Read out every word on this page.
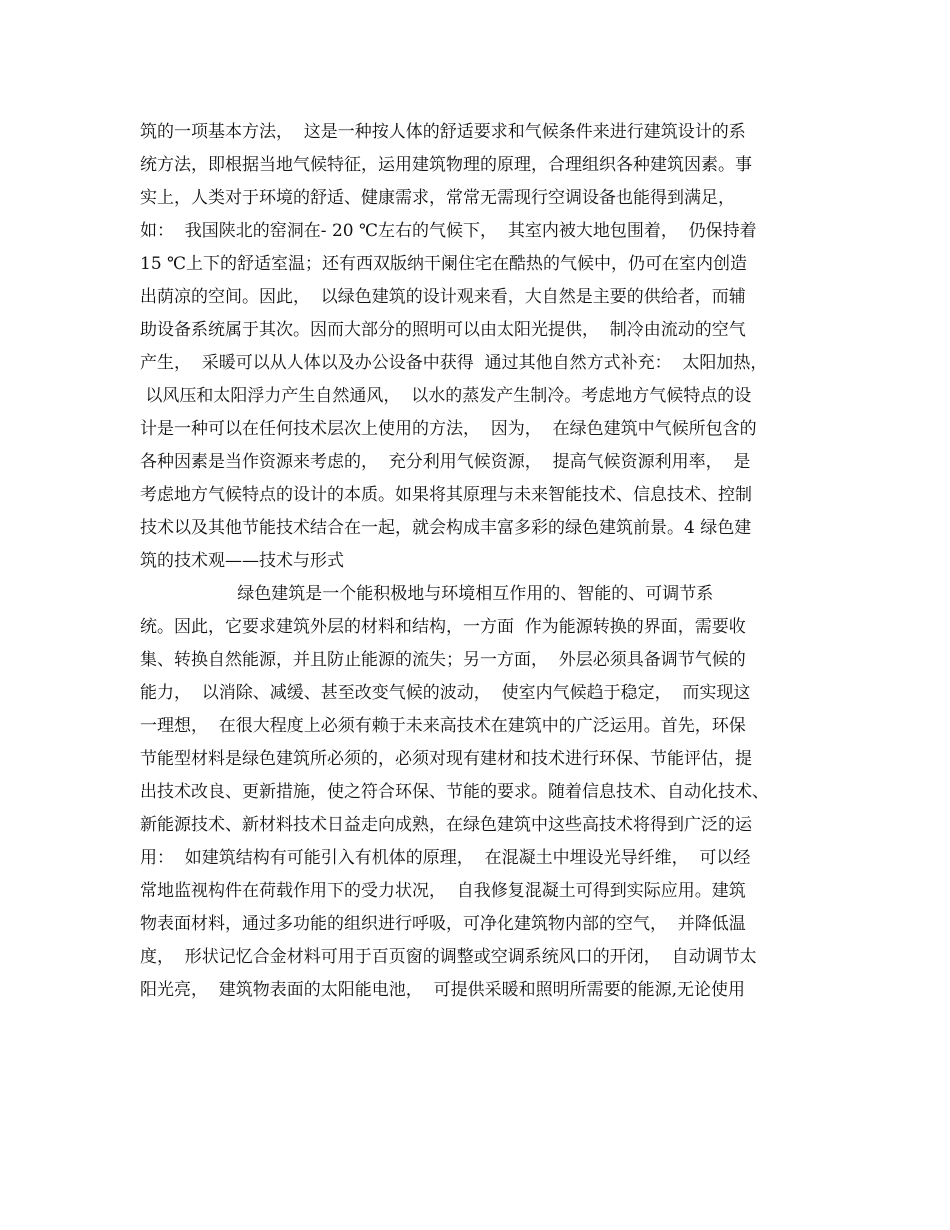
筑的一项基本方法，  这是一种按人体的舒适要求和气候条件来进行建筑设计的系
统方法，即根据当地气候特征，运用建筑物理的原理，合理组织各种建筑因素。事
实上，人类对于环境的舒适、健康需求，常常无需现行空调设备也能得到满足，
如：  我国陕北的窑洞在- 20 ℃左右的气候下，  其室内被大地包围着，  仍保持着
15 ℃上下的舒适室温；还有西双版纳干阑住宅在酷热的气候中，仍可在室内创造
出荫凉的空间。因此，  以绿色建筑的设计观来看，大自然是主要的供给者，而辅
助设备系统属于其次。因而大部分的照明可以由太阳光提供，  制冷由流动的空气
产生，  采暖可以从人体以及办公设备中获得  通过其他自然方式补充：  太阳加热，
以风压和太阳浮力产生自然通风，  以水的蒸发产生制冷。考虑地方气候特点的设
计是一种可以在任何技术层次上使用的方法，  因为，  在绿色建筑中气候所包含的
各种因素是当作资源来考虑的，  充分利用气候资源，  提高气候资源利用率，  是
考虑地方气候特点的设计的本质。如果将其原理与未来智能技术、信息技术、控制
技术以及其他节能技术结合在一起，就会构成丰富多彩的绿色建筑前景。4 绿色建
筑的技术观——技术与形式
绿色建筑是一个能积极地与环境相互作用的、智能的、可调节系
统。因此，它要求建筑外层的材料和结构，一方面  作为能源转换的界面，需要收
集、转换自然能源，并且防止能源的流失；另一方面，  外层必须具备调节气候的
能力，  以消除、减缓、甚至改变气候的波动，  使室内气候趋于稳定，  而实现这
一理想，  在很大程度上必须有赖于未来高技术在建筑中的广泛运用。首先，环保
节能型材料是绿色建筑所必须的，必须对现有建材和技术进行环保、节能评估，提
出技术改良、更新措施，使之符合环保、节能的要求。随着信息技术、自动化技术、
新能源技术、新材料技术日益走向成熟，在绿色建筑中这些高技术将得到广泛的运
用：  如建筑结构有可能引入有机体的原理，  在混凝土中埋设光导纤维，  可以经
常地监视构件在荷载作用下的受力状况，  自我修复混凝土可得到实际应用。建筑
物表面材料，通过多功能的组织进行呼吸，可净化建筑物内部的空气，  并降低温
度，  形状记忆合金材料可用于百页窗的调整或空调系统风口的开闭，  自动调节太
阳光亮，  建筑物表面的太阳能电池，  可提供采暖和照明所需要的能源,无论使用
